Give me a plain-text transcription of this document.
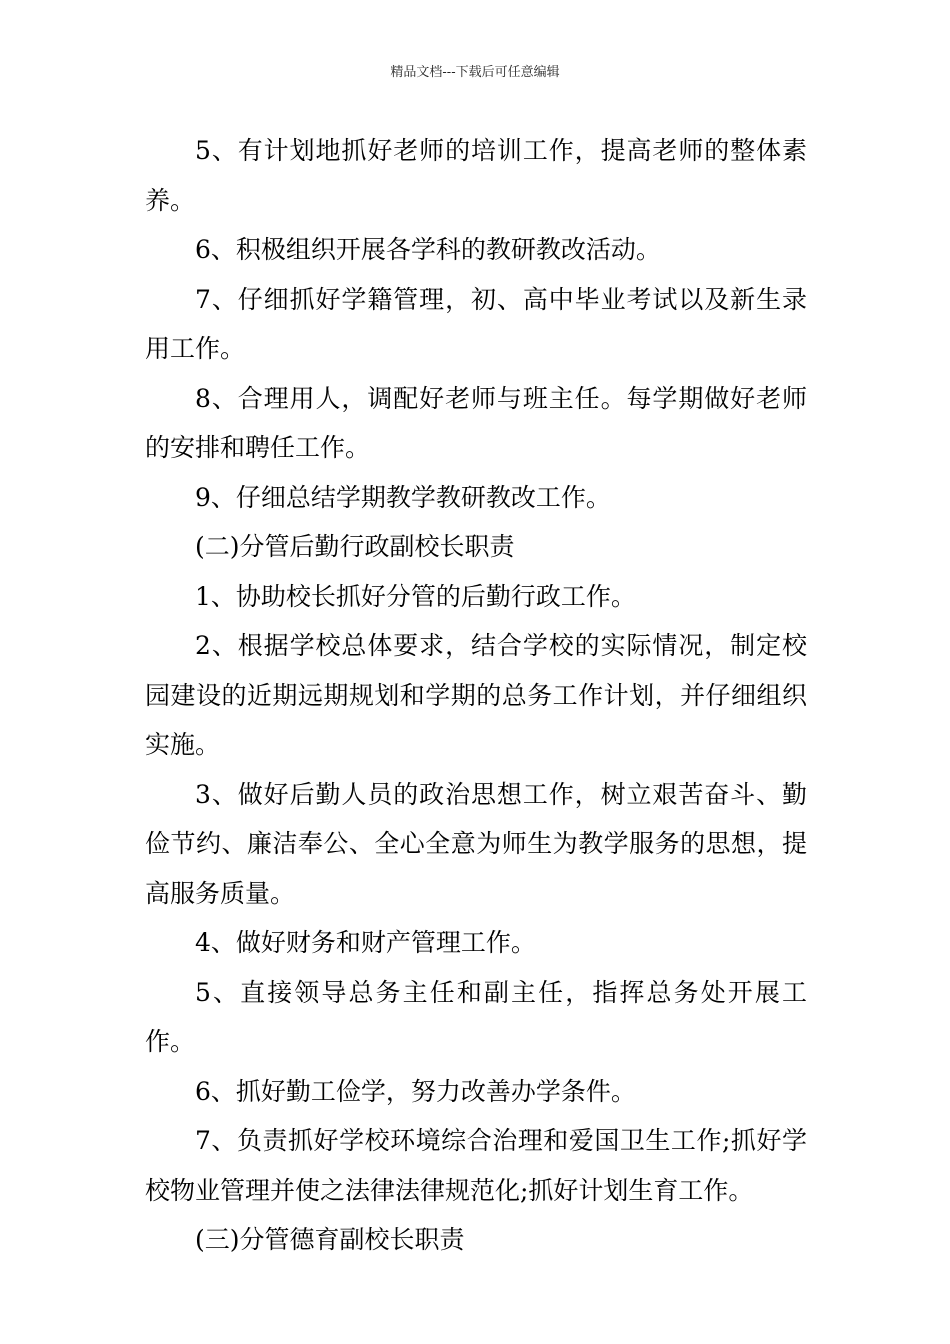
精品文档---下载后可任意编辑

5、有计划地抓好老师的培训工作，提高老师的整体素养。

6、积极组织开展各学科的教研教改活动。

7、仔细抓好学籍管理，初、高中毕业考试以及新生录用工作。

8、合理用人，调配好老师与班主任。每学期做好老师的安排和聘任工作。

9、仔细总结学期教学教研教改工作。

(二)分管后勤行政副校长职责

1、协助校长抓好分管的后勤行政工作。

2、根据学校总体要求，结合学校的实际情况，制定校园建设的近期远期规划和学期的总务工作计划，并仔细组织实施。

3、做好后勤人员的政治思想工作，树立艰苦奋斗、勤俭节约、廉洁奉公、全心全意为师生为教学服务的思想，提高服务质量。

4、做好财务和财产管理工作。

5、直接领导总务主任和副主任，指挥总务处开展工作。

6、抓好勤工俭学，努力改善办学条件。

7、负责抓好学校环境综合治理和爱国卫生工作;抓好学校物业管理并使之法律法律规范化;抓好计划生育工作。

(三)分管德育副校长职责
